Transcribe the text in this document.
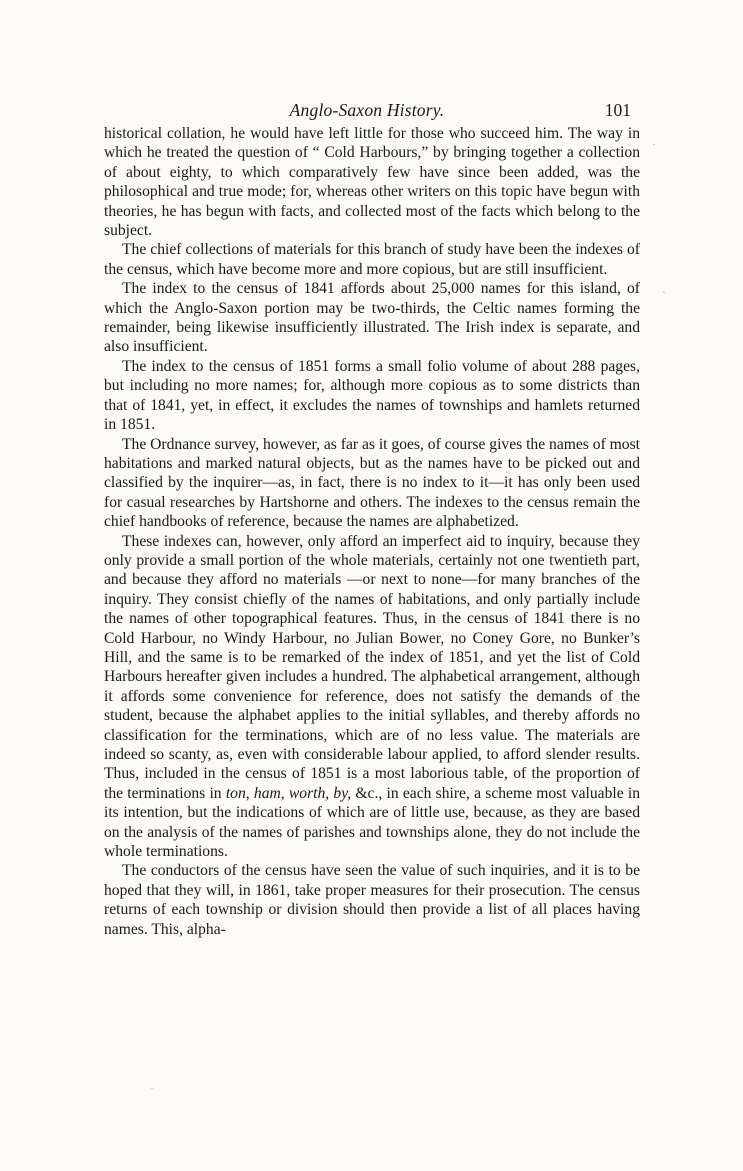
Anglo-Saxon History.	101

historical collation, he would have left little for those who succeed him. The way in which he treated the question of “ Cold Harbours,” by bringing together a collection of about eighty, to which comparatively few have since been added, was the philosophical and true mode; for, whereas other writers on this topic have begun with theories, he has begun with facts, and collected most of the facts which belong to the subject.

The chief collections of materials for this branch of study have been the indexes of the census, which have become more and more copious, but are still insufficient.

The index to the census of 1841 affords about 25,000 names for this island, of which the Anglo-Saxon portion may be two-thirds, the Celtic names forming the remainder, being likewise insufficiently illustrated. The Irish index is separate, and also insufficient.

The index to the census of 1851 forms a small folio volume of about 288 pages, but including no more names; for, although more copious as to some districts than that of 1841, yet, in effect, it excludes the names of townships and hamlets returned in 1851.

The Ordnance survey, however, as far as it goes, of course gives the names of most habitations and marked natural objects, but as the names have to be picked out and classified by the inquirer—as, in fact, there is no index to it—it has only been used for casual researches by Hartshorne and others. The indexes to the census remain the chief handbooks of reference, because the names are alphabetized.

These indexes can, however, only afford an imperfect aid to inquiry, because they only provide a small portion of the whole materials, certainly not one twentieth part, and because they afford no materials —or next to none—for many branches of the inquiry. They consist chiefly of the names of habitations, and only partially include the names of other topographical features. Thus, in the census of 1841 there is no Cold Harbour, no Windy Harbour, no Julian Bower, no Coney Gore, no Bunker’s Hill, and the same is to be remarked of the index of 1851, and yet the list of Cold Harbours hereafter given includes a hundred. The alphabetical arrangement, although it affords some convenience for reference, does not satisfy the demands of the student, because the alphabet applies to the initial syllables, and thereby affords no classification for the terminations, which are of no less value. The materials are indeed so scanty, as, even with considerable labour applied, to afford slender results. Thus, included in the census of 1851 is a most laborious table, of the proportion of the terminations in ton, ham, worth, by, &c., in each shire, a scheme most valuable in its intention, but the indications of which are of little use, because, as they are based on the analysis of the names of parishes and townships alone, they do not include the whole terminations.

The conductors of the census have seen the value of such inquiries, and it is to be hoped that they will, in 1861, take proper measures for their prosecution. The census returns of each township or division should then provide a list of all places having names. This, alpha-

·
ˋ
·
